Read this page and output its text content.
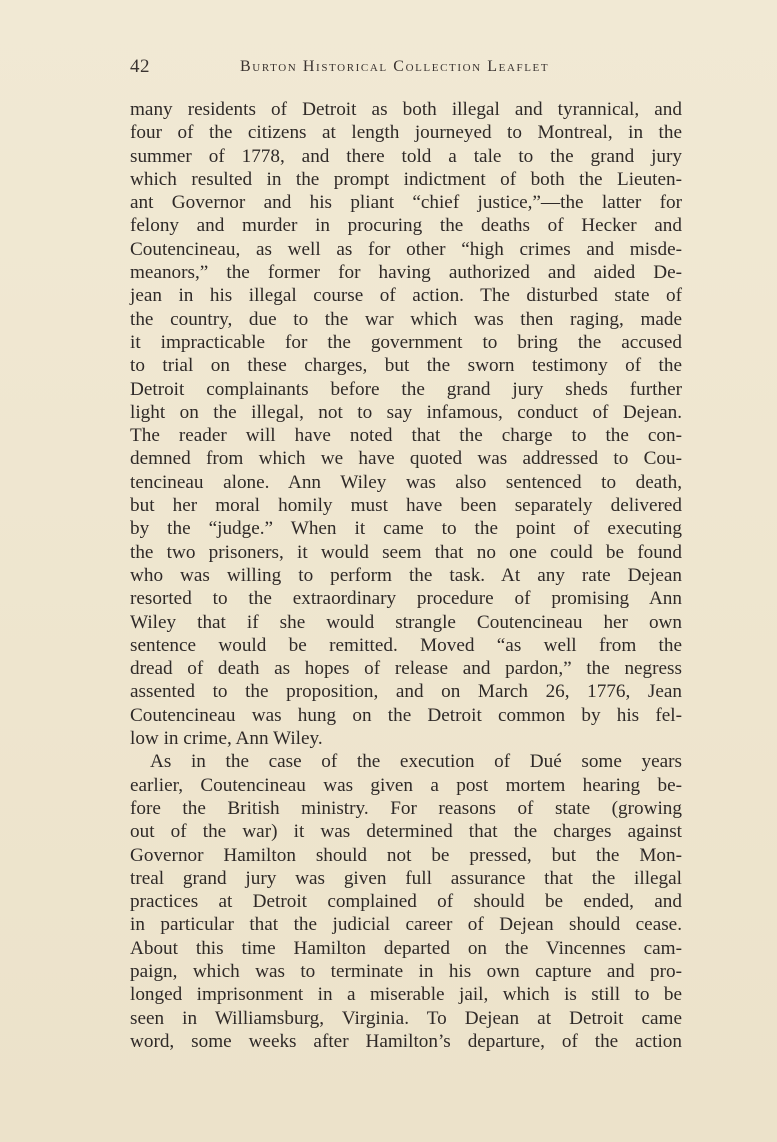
42	Burton Historical Collection Leaflet
many residents of Detroit as both illegal and tyrannical, and
four of the citizens at length journeyed to Montreal, in the
summer of 1778, and there told a tale to the grand jury
which resulted in the prompt indictment of both the Lieuten-
ant Governor and his pliant “chief justice,”—the latter for
felony and murder in procuring the deaths of Hecker and
Coutencineau, as well as for other “high crimes and misde-
meanors,” the former for having authorized and aided De-
jean in his illegal course of action. The disturbed state of
the country, due to the war which was then raging, made
it impracticable for the government to bring the accused
to trial on these charges, but the sworn testimony of the
Detroit complainants before the grand jury sheds further
light on the illegal, not to say infamous, conduct of Dejean.
The reader will have noted that the charge to the con-
demned from which we have quoted was addressed to Cou-
tencineau alone. Ann Wiley was also sentenced to death,
but her moral homily must have been separately delivered
by the “judge.” When it came to the point of executing
the two prisoners, it would seem that no one could be found
who was willing to perform the task. At any rate Dejean
resorted to the extraordinary procedure of promising Ann
Wiley that if she would strangle Coutencineau her own
sentence would be remitted. Moved “as well from the
dread of death as hopes of release and pardon,” the negress
assented to the proposition, and on March 26, 1776, Jean
Coutencineau was hung on the Detroit common by his fel-
low in crime, Ann Wiley.
As in the case of the execution of Dué some years
earlier, Coutencineau was given a post mortem hearing be-
fore the British ministry. For reasons of state (growing
out of the war) it was determined that the charges against
Governor Hamilton should not be pressed, but the Mon-
treal grand jury was given full assurance that the illegal
practices at Detroit complained of should be ended, and
in particular that the judicial career of Dejean should cease.
About this time Hamilton departed on the Vincennes cam-
paign, which was to terminate in his own capture and pro-
longed imprisonment in a miserable jail, which is still to be
seen in Williamsburg, Virginia. To Dejean at Detroit came
word, some weeks after Hamilton’s departure, of the action
